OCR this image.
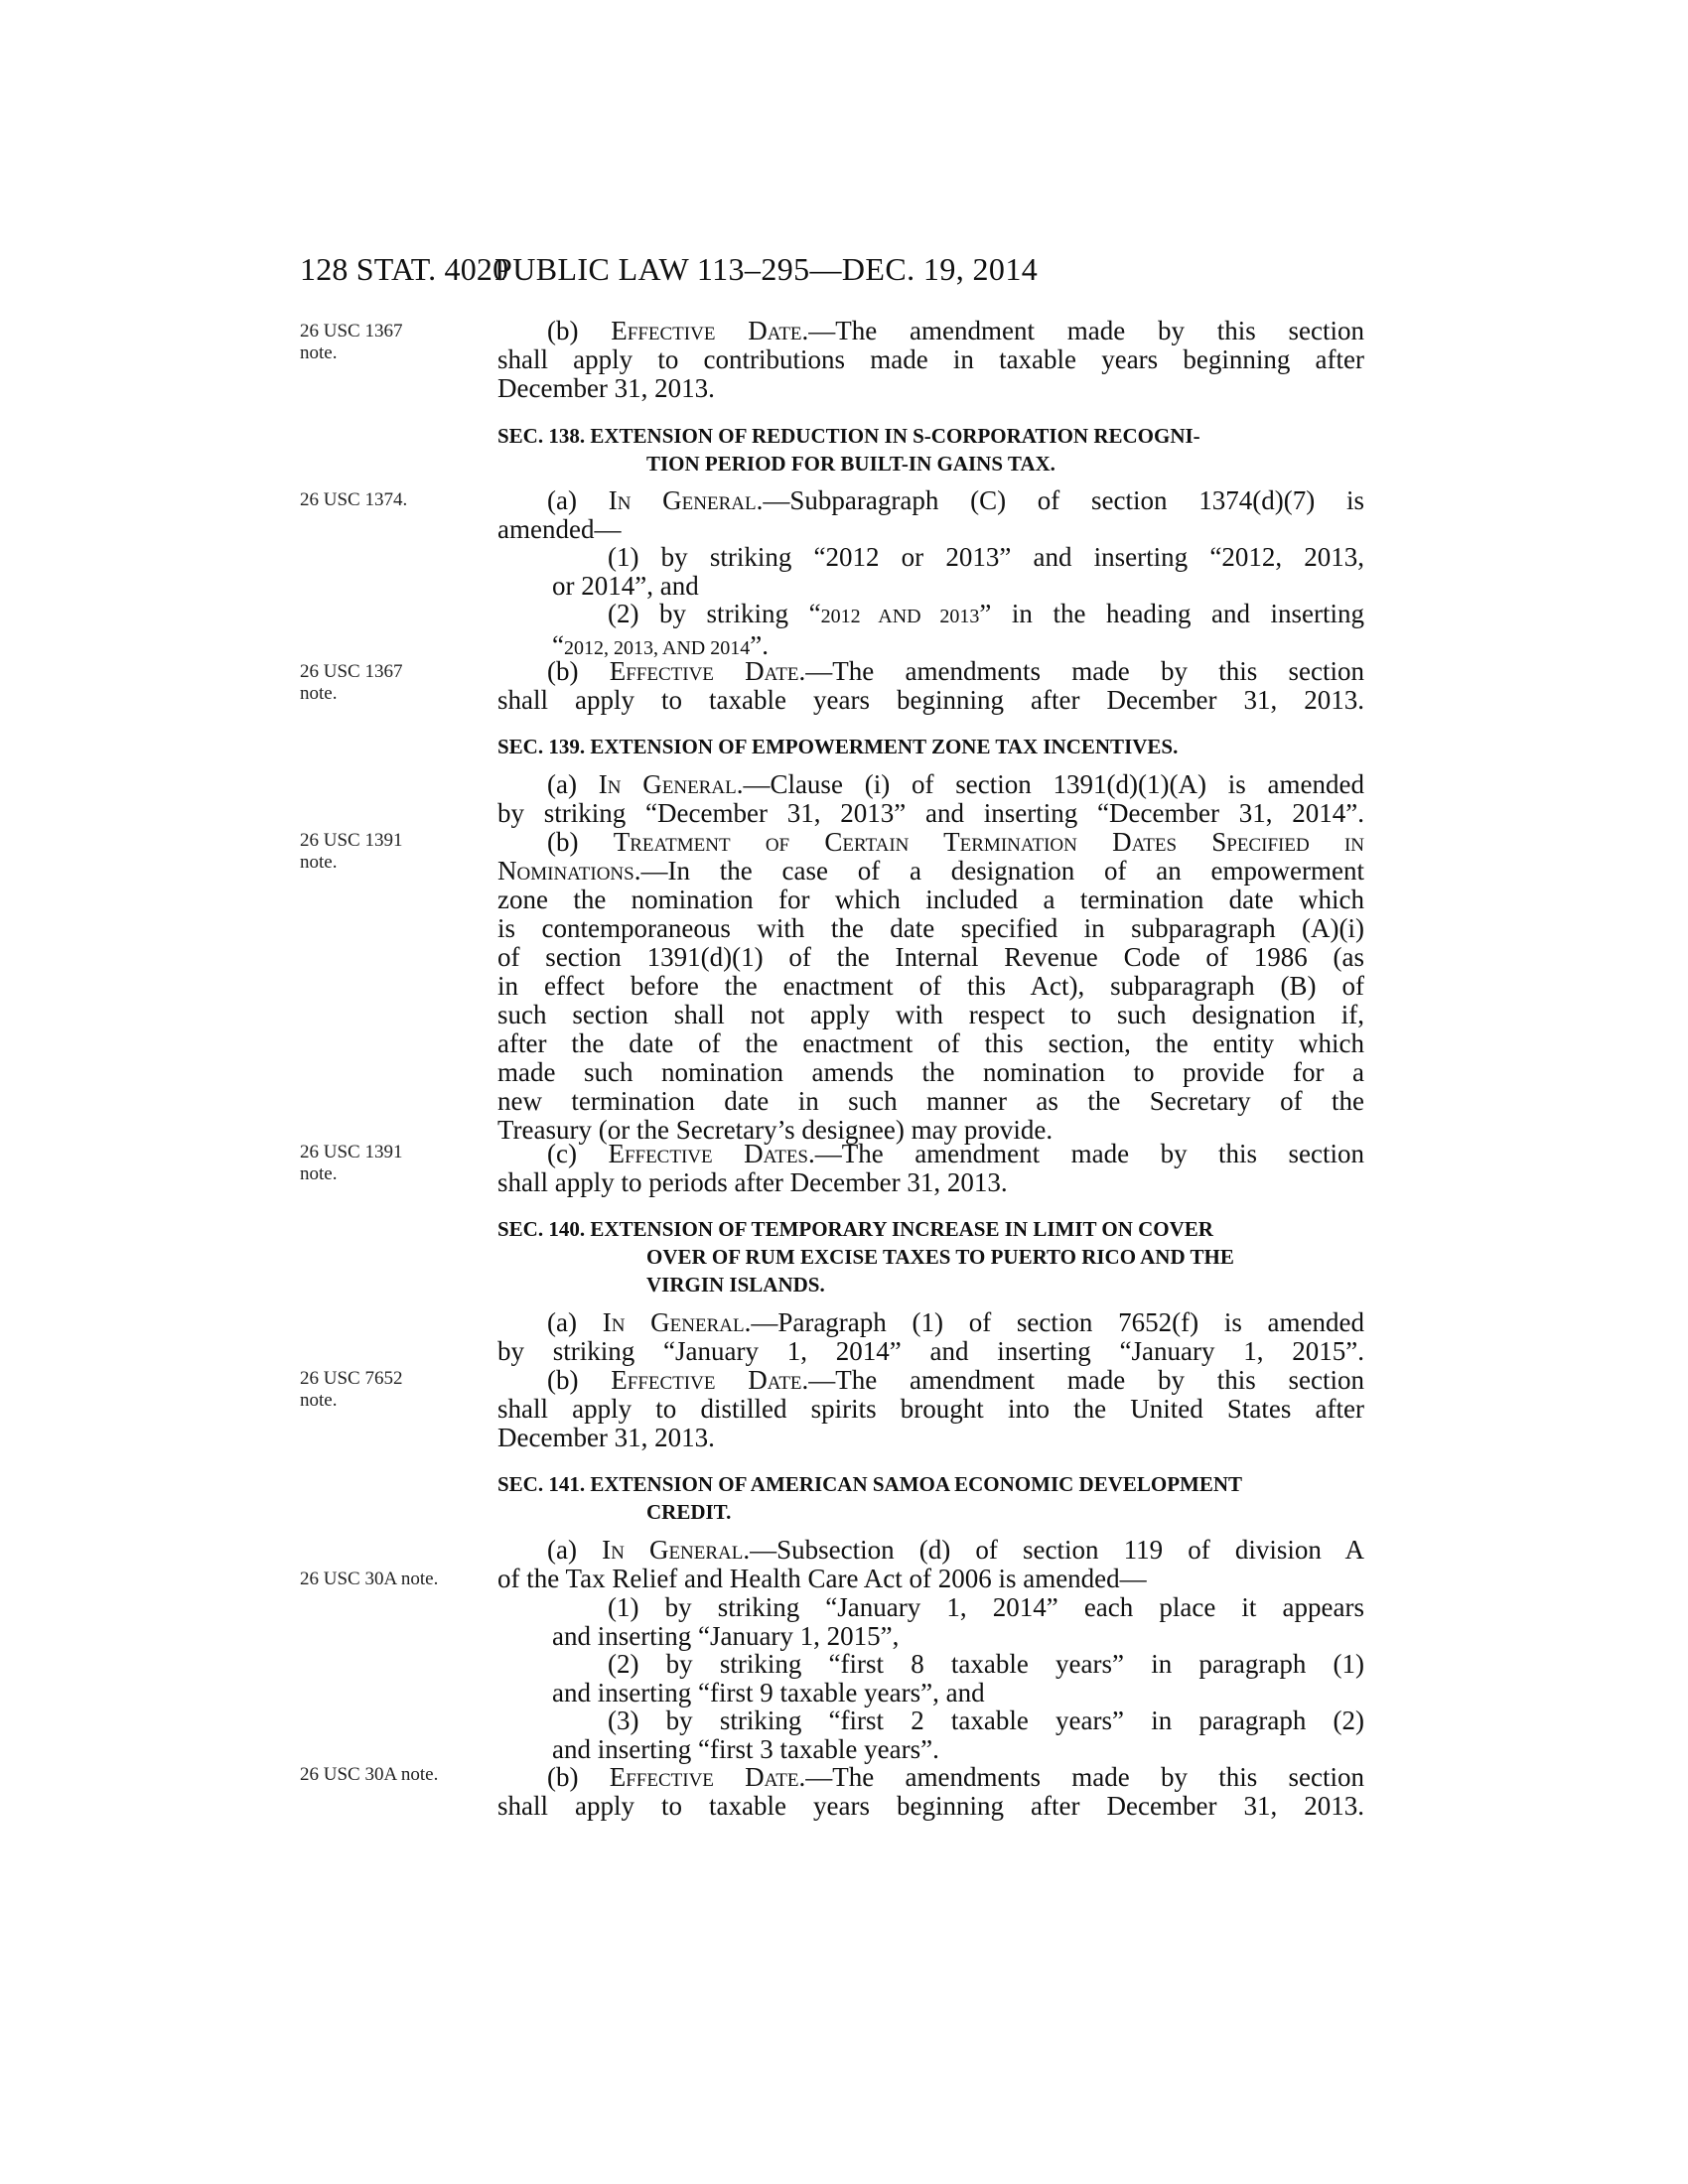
128 STAT. 4020
PUBLIC LAW 113–295—DEC. 19, 2014
26 USC 1367
note.
26 USC 1374.
26 USC 1367
note.
26 USC 1391
note.
26 USC 1391
note.
26 USC 7652
note.
26 USC 30A note.
26 USC 30A note.
(b) Effective Date.—The amendment made by this section
shall apply to contributions made in taxable years beginning after
December 31, 2013.
SEC. 138. EXTENSION OF REDUCTION IN S-CORPORATION RECOGNI-
TION PERIOD FOR BUILT-IN GAINS TAX.
(a) In General.—Subparagraph (C) of section 1374(d)(7) is
amended—
(1) by striking “2012 or 2013” and inserting “2012, 2013,
or 2014”, and
(2) by striking “2012 AND 2013” in the heading and inserting
“2012, 2013, AND 2014”.
(b) Effective Date.—The amendments made by this section
shall apply to taxable years beginning after December 31, 2013.
SEC. 139. EXTENSION OF EMPOWERMENT ZONE TAX INCENTIVES.
(a) In General.—Clause (i) of section 1391(d)(1)(A) is amended
by striking “December 31, 2013” and inserting “December 31, 2014”.
(b) Treatment of Certain Termination Dates Specified in
Nominations.—In the case of a designation of an empowerment
zone the nomination for which included a termination date which
is contemporaneous with the date specified in subparagraph (A)(i)
of section 1391(d)(1) of the Internal Revenue Code of 1986 (as
in effect before the enactment of this Act), subparagraph (B) of
such section shall not apply with respect to such designation if,
after the date of the enactment of this section, the entity which
made such nomination amends the nomination to provide for a
new termination date in such manner as the Secretary of the
Treasury (or the Secretary’s designee) may provide.
(c) Effective Dates.—The amendment made by this section
shall apply to periods after December 31, 2013.
SEC. 140. EXTENSION OF TEMPORARY INCREASE IN LIMIT ON COVER
OVER OF RUM EXCISE TAXES TO PUERTO RICO AND THE
VIRGIN ISLANDS.
(a) In General.—Paragraph (1) of section 7652(f) is amended
by striking “January 1, 2014” and inserting “January 1, 2015”.
(b) Effective Date.—The amendment made by this section
shall apply to distilled spirits brought into the United States after
December 31, 2013.
SEC. 141. EXTENSION OF AMERICAN SAMOA ECONOMIC DEVELOPMENT
CREDIT.
(a) In General.—Subsection (d) of section 119 of division A
of the Tax Relief and Health Care Act of 2006 is amended—
(1) by striking “January 1, 2014” each place it appears
and inserting “January 1, 2015”,
(2) by striking “first 8 taxable years” in paragraph (1)
and inserting “first 9 taxable years”, and
(3) by striking “first 2 taxable years” in paragraph (2)
and inserting “first 3 taxable years”.
(b) Effective Date.—The amendments made by this section
shall apply to taxable years beginning after December 31, 2013.
